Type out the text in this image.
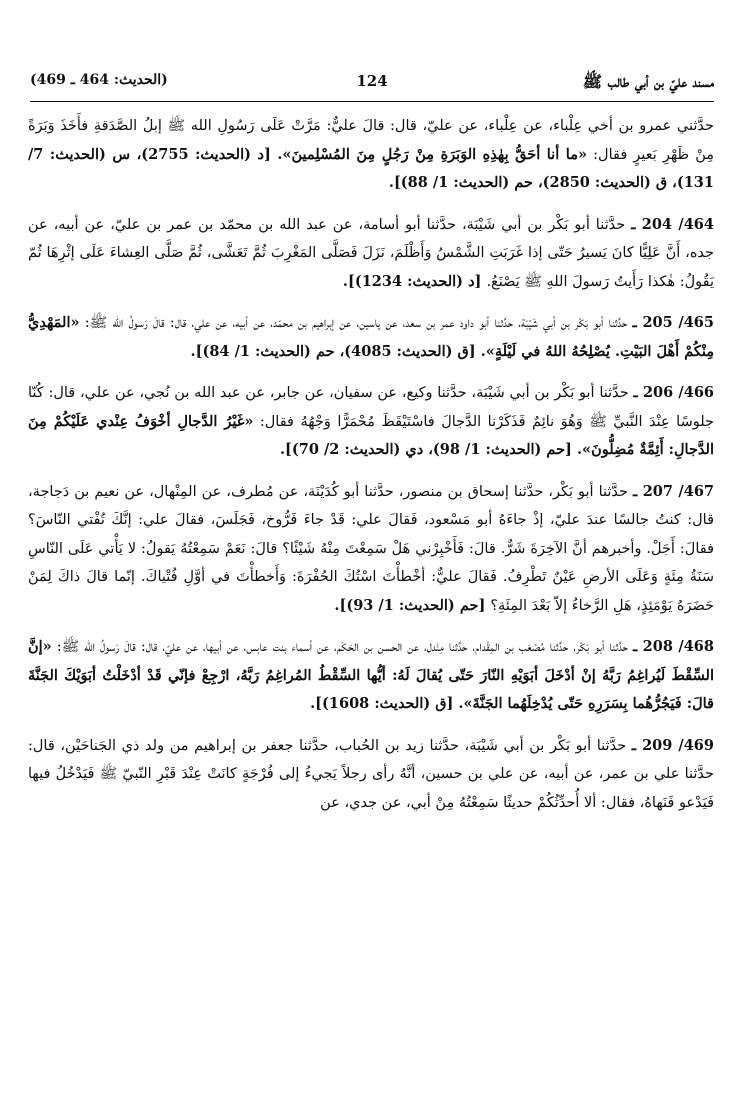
مسند عليّ بن أبي طالب ﷺ
124
(الحديث: 464 ـ 469)

حدَّثني عمرو بن أخي عِلْباء، عن عِلْباء، عن عليّ، قال: قالَ عليٌّ: مَرَّتْ عَلَى رَسُولِ الله ﷺ إبلُ الصَّدَقةِ فأَخَذَ وَبَرَةً مِنْ ظَهْرِ بَعيرٍ فقال: «ما أنا أحَقُّ بِهٰذِهِ الوَبَرَةِ مِنْ رَجُلٍ مِنَ المُسْلِمينَ». [د (الحديث: 2755)، س (الحديث: 7/ 131)، ق (الحديث: 2850)، حم (الحديث: 1/ 88)].

464/ 204 ـ حدَّثنا أبو بَكْر بن أبي شَيْبَة، حدَّثنا أبو أسامة، عن عبد الله بن محمّد بن عمر بن عليّ، عن أبيه، عن جده، أَنَّ عَلِيًّا كانَ يَسيرُ حَتّى إذا غَرَبَتِ الشَّمْسُ وَأَظْلَمَ، نَزَلَ فَصَلَّى المَغْرِبَ ثُمَّ تَعَشَّى، ثُمَّ صَلَّى العِشاءَ عَلَى إثْرِهَا ثُمّ يَقُولُ: هٰكذا رَأَيتُ رَسولَ اللهِ ﷺ يَصْنَعُ. [د (الحديث: 1234)].

465/ 205 ـ حدَّثنا أبو بَكْر بن أبي شَيْبَة، حدَّثنا أبو داود عمر بن سعد، عن ياسين، عن إبراهيم بن محمّد، عن أبيه، عن علي، قال: قالَ رَسولُ الله ﷺ: «المَهْدِيُّ مِنْكُمْ أَهْلَ البَيْتِ. يُصْلِحُهُ اللهُ في لَيْلَةٍ». [ق (الحديث: 4085)، حم (الحديث: 1/ 84)].

466/ 206 ـ حدَّثنا أبو بَكْر بن أبي شَيْبَة، حدَّثنا وكيع، عن سفيان، عن جابر، عن عبد الله بن نُجي، عن علي، قال: كُنّا جلوسًا عِنْدَ النَّبيِّ ﷺ وَهُوَ نائِمٌ فَذَكَرْنا الدَّجالَ فاسْتَيْقَظَ مُحْمَرًّا وَجْهُهُ فقال: «غَيْرُ الدَّجالِ أخْوَفُ عِنْدي عَلَيْكُمْ مِنَ الدَّجالِ: أَئِمَّةٌ مُضِلُّونَ». [حم (الحديث: 1/ 98)، دي (الحديث: 2/ 70)].

467/ 207 ـ حدَّثنا أبو بَكْر، حدَّثنا إسحاق بن منصور، حدَّثنا أبو كُدَيْنَة، عن مُطرف، عن المِنْهال، عن نعيم بن دَجاجة، قال: كنتُ جالسًا عندَ عليّ، إذْ جاءَهُ أبو مَسْعود، فَقالَ علي: قَدْ جاءَ فَرُّوخ، فَجَلَسَ، فقالَ علي: إنَّكَ تُفْتي النّاسَ؟ فقالَ: أَجَلْ. وأخبرهم أنَّ الآخِرَةَ شَرٌّ. قالَ: فَأَخْبِرْني هَلْ سَمِعْتَ مِنْهُ شَيْئًا؟ قالَ: نَعَمْ سَمِعْتُهُ يَقولُ: لا يَأْتي عَلَى النّاسِ سَنَةُ مِئَةٍ وَعَلَى الأرضِ عَيْنٌ تَطْرِفُ. فَقالَ عليٌّ: أخْطأْتَ اسْتُكَ الحُفْرَةَ: وَأَخطأْتَ في أوَّلِ فُتْياكَ. إنّما قالَ ذاكَ لِمَنْ حَضَرَهُ يَوْمَئِذٍ، هَلِ الرَّخاءُ إلاّ بَعْدَ المِئَةِ؟ [حم (الحديث: 1/ 93)].

468/ 208 ـ حدَّثنا أبو بَكْر، حدَّثنا مُصْعَب بن المِقْدام، حدَّثنا مِنْدل، عن الحسن بن الحَكَم، عن أسماء بنت عابس، عن أبيها، عن عليّ، قال: قالَ رَسولُ الله ﷺ: «إنَّ السِّقْطَ لَيُراغِمُ رَبَّهُ إنْ أدْخَلَ أبَوَيْهِ النّارَ حَتّى يُقالَ لَهُ: أيُّها السِّقْطُ المُراغِمُ رَبَّهُ، ارْجِعْ فإنّي قَدْ أدْخَلْتُ أبَوَيْكَ الجَنَّةَ قالَ: فَيَجُرُّهُما بِسَرَرِهِ حَتّى يُدْخِلَهُما الجَنَّةَ». [ق (الحديث: 1608)].

469/ 209 ـ حدَّثنا أبو بَكْر بن أبي شَيْبَة، حدَّثنا زيد بن الحُباب، حدَّثنا جعفر بن إبراهيم من ولد ذي الجَناحَيْن، قال: حدَّثنا علي بن عمر، عن أبيه، عن علي بن حسين، أنَّهُ رأى رجلاً يَجيءُ إلى فُرْجَةٍ كانَتْ عِنْدَ قَبْرِ النّبيّ ﷺ فَيَدْخُلُ فيها فَيَدْعو فَنَهاهُ، فقال: ألا أُحدِّثُكُمْ حديثًا سَمِعْتُهُ مِنْ أبي، عن جدي، عن
